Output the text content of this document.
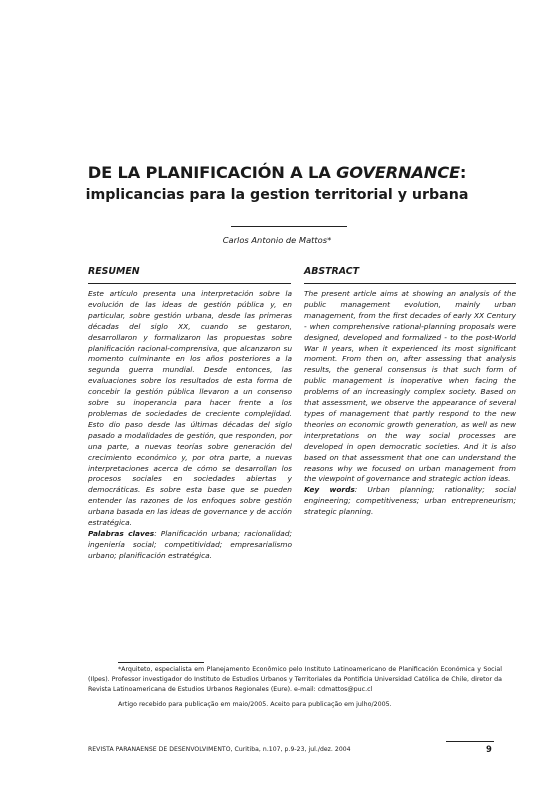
DE LA PLANIFICACIÓN A LA GOVERNANCE:
implicancias para la gestion territorial y urbana
Carlos Antonio de Mattos*
RESUMEN
Este artículo presenta una interpretación sobre la evolución de las ideas de gestión pública y, en particular, sobre gestión urbana, desde las primeras décadas del siglo XX, cuando se gestaron, desarrollaron y formalizaron las propuestas sobre planificación racional-comprensiva, que alcanzaron su momento culminante en los años posteriores a la segunda guerra mundial. Desde entonces, las evaluaciones sobre los resultados de esta forma de concebir la gestión pública llevaron a un consenso sobre su inoperancia para hacer frente a los problemas de sociedades de creciente complejidad. Esto dio paso desde las últimas décadas del siglo pasado a modalidades de gestión, que responden, por una parte, a nuevas teorías sobre generación del crecimiento económico y, por otra parte, a nuevas interpretaciones acerca de cómo se desarrollan los procesos sociales en sociedades abiertas y democráticas. Es sobre esta base que se pueden entender las razones de los enfoques sobre gestión urbana basada en las ideas de governance y de acción estratégica.
Palabras claves: Planificación urbana; racionalidad; ingeniería social; competitividad; empresarialismo urbano; planificación estratégica.
ABSTRACT
The present article aims at showing an analysis of the public management evolution, mainly urban management, from the first decades of early XX Century - when comprehensive rational-planning proposals were designed, developed and formalized - to the post-World War II years, when it experienced its most significant moment. From then on, after assessing that analysis results, the general consensus is that such form of public management is inoperative when facing the problems of an increasingly complex society. Based on that assessment, we observe the appearance of several types of management that partly respond to the new theories on economic growth generation, as well as new interpretations on the way social processes are developed in open democratic societies. And it is also based on that assessment that one can understand the reasons why we focused on urban management from the viewpoint of governance and strategic action ideas.
Key words: Urban planning; rationality; social engineering; competitiveness; urban entrepreneurism; strategic planning.

*Arquiteto, especialista em Planejamento Econômico pelo Instituto Latinoamericano de Planificación Económica y Social (Ilpes). Professor investigador do Instituto de Estudios Urbanos y Territoriales da Pontificia Universidad Católica de Chile, diretor da Revista Latinoamericana de Estudios Urbanos Regionales (Eure). e-mail: cdmattos@puc.cl

Artigo recebido para publicação em maio/2005. Aceito para publicação em julho/2005.

REVISTA PARANAENSE DE DESENVOLVIMENTO, Curitiba, n.107, p.9-23, jul./dez. 2004	9
